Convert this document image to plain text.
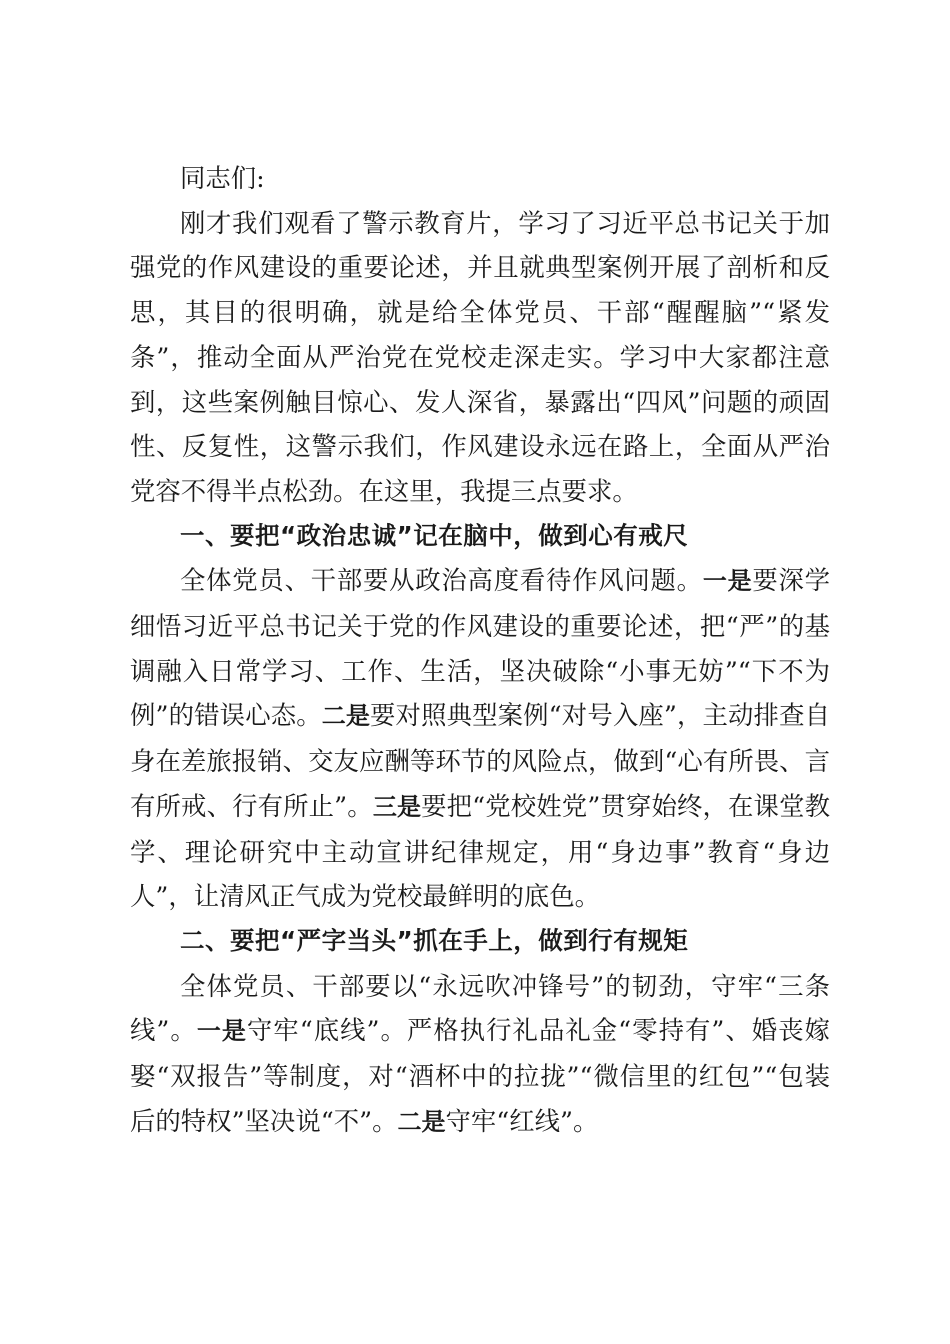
同志们:

刚才我们观看了警示教育片，学习了习近平总书记关于加强党的作风建设的重要论述，并且就典型案例开展了剖析和反思，其目的很明确，就是给全体党员、干部“醒醒脑”“紧发条”，推动全面从严治党在党校走深走实。学习中大家都注意到，这些案例触目惊心、发人深省，暴露出“四风”问题的顽固性、反复性，这警示我们，作风建设永远在路上，全面从严治党容不得半点松劲。在这里，我提三点要求。

一、要把“政治忠诚”记在脑中，做到心有戒尺

全体党员、干部要从政治高度看待作风问题。一是要深学细悟习近平总书记关于党的作风建设的重要论述，把“严”的基调融入日常学习、工作、生活，坚决破除“小事无妨”“下不为例”的错误心态。二是要对照典型案例“对号入座”，主动排查自身在差旅报销、交友应酬等环节的风险点，做到“心有所畏、言有所戒、行有所止”。三是要把“党校姓党”贯穿始终，在课堂教学、理论研究中主动宣讲纪律规定，用“身边事”教育“身边人”，让清风正气成为党校最鲜明的底色。

二、要把“严字当头”抓在手上，做到行有规矩

全体党员、干部要以“永远吹冲锋号”的韧劲，守牢“三条线”。一是守牢“底线”。严格执行礼品礼金“零持有”、婚丧嫁娶“双报告”等制度，对“酒杯中的拉拢”“微信里的红包”“包装后的特权”坚决说“不”。二是守牢“红线”。
